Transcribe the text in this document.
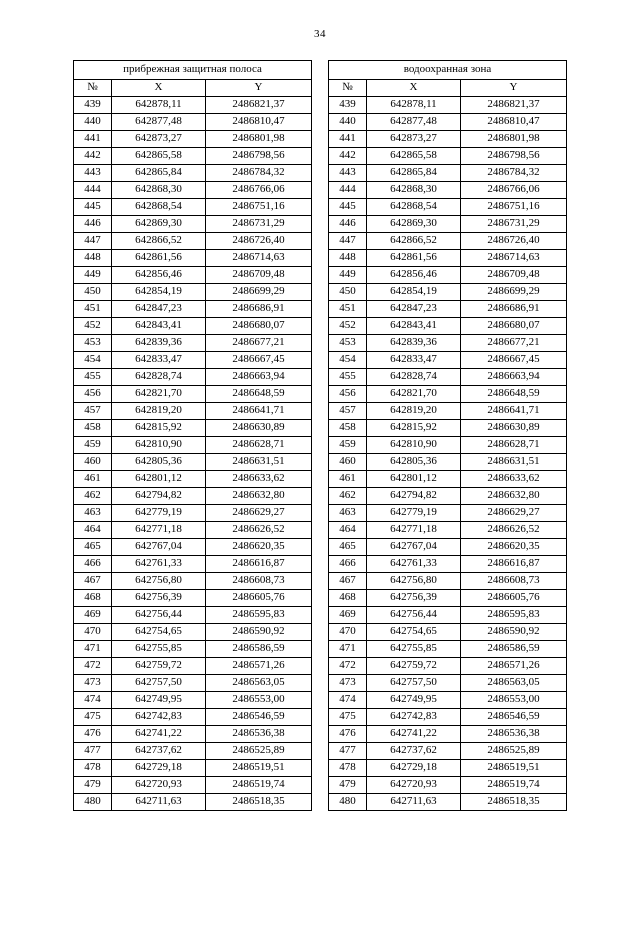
34
прибрежная защитная полоса		
№	X	Y
439	642878,11	2486821,37
440	642877,48	2486810,47
441	642873,27	2486801,98
442	642865,58	2486798,56
443	642865,84	2486784,32
444	642868,30	2486766,06
445	642868,54	2486751,16
446	642869,30	2486731,29
447	642866,52	2486726,40
448	642861,56	2486714,63
449	642856,46	2486709,48
450	642854,19	2486699,29
451	642847,23	2486686,91
452	642843,41	2486680,07
453	642839,36	2486677,21
454	642833,47	2486667,45
455	642828,74	2486663,94
456	642821,70	2486648,59
457	642819,20	2486641,71
458	642815,92	2486630,89
459	642810,90	2486628,71
460	642805,36	2486631,51
461	642801,12	2486633,62
462	642794,82	2486632,80
463	642779,19	2486629,27
464	642771,18	2486626,52
465	642767,04	2486620,35
466	642761,33	2486616,87
467	642756,80	2486608,73
468	642756,39	2486605,76
469	642756,44	2486595,83
470	642754,65	2486590,92
471	642755,85	2486586,59
472	642759,72	2486571,26
473	642757,50	2486563,05
474	642749,95	2486553,00
475	642742,83	2486546,59
476	642741,22	2486536,38
477	642737,62	2486525,89
478	642729,18	2486519,51
479	642720,93	2486519,74
480	642711,63	2486518,35
водоохранная зона		
№	X	Y
439	642878,11	2486821,37
440	642877,48	2486810,47
441	642873,27	2486801,98
442	642865,58	2486798,56
443	642865,84	2486784,32
444	642868,30	2486766,06
445	642868,54	2486751,16
446	642869,30	2486731,29
447	642866,52	2486726,40
448	642861,56	2486714,63
449	642856,46	2486709,48
450	642854,19	2486699,29
451	642847,23	2486686,91
452	642843,41	2486680,07
453	642839,36	2486677,21
454	642833,47	2486667,45
455	642828,74	2486663,94
456	642821,70	2486648,59
457	642819,20	2486641,71
458	642815,92	2486630,89
459	642810,90	2486628,71
460	642805,36	2486631,51
461	642801,12	2486633,62
462	642794,82	2486632,80
463	642779,19	2486629,27
464	642771,18	2486626,52
465	642767,04	2486620,35
466	642761,33	2486616,87
467	642756,80	2486608,73
468	642756,39	2486605,76
469	642756,44	2486595,83
470	642754,65	2486590,92
471	642755,85	2486586,59
472	642759,72	2486571,26
473	642757,50	2486563,05
474	642749,95	2486553,00
475	642742,83	2486546,59
476	642741,22	2486536,38
477	642737,62	2486525,89
478	642729,18	2486519,51
479	642720,93	2486519,74
480	642711,63	2486518,35
